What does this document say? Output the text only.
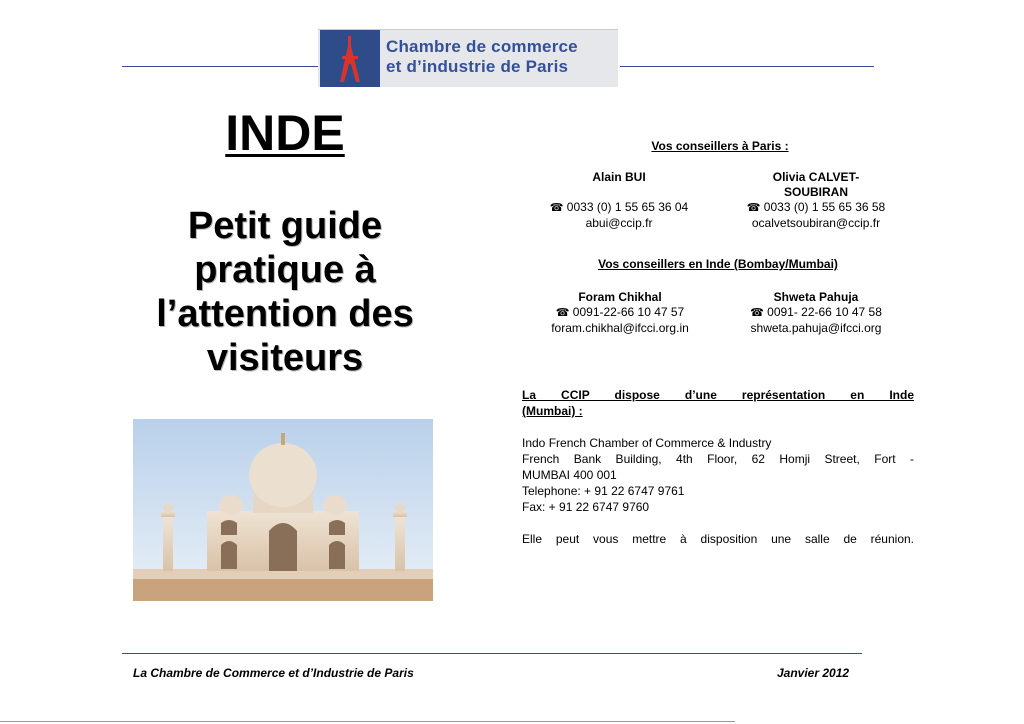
Chambre de commerce
et d’industrie de Paris
INDE
Petit guide
pratique à
l’attention des
visiteurs
Vos conseillers à Paris :
Alain BUI
☎ 0033 (0) 1 55 65 36 04
abui@ccip.fr
Olivia CALVET-
SOUBIRAN
☎ 0033 (0) 1 55 65 36 58
ocalvetsoubiran@ccip.fr
Vos conseillers en Inde (Bombay/Mumbai)
Foram Chikhal
☎ 0091-22-66 10 47 57
foram.chikhal@ifcci.org.in
Shweta Pahuja
☎ 0091- 22-66 10 47 58
shweta.pahuja@ifcci.org
La CCIP dispose d’une représentation en Inde
(Mumbai) :
Indo French Chamber of Commerce & Industry
French Bank Building, 4th Floor, 62 Homji Street, Fort -
MUMBAI 400 001
Telephone: + 91 22 6747 9761
Fax: + 91 22 6747 9760
Elle peut vous mettre à disposition une salle de réunion.
La Chambre de Commerce et d’Industrie de Paris	Janvier 2012
